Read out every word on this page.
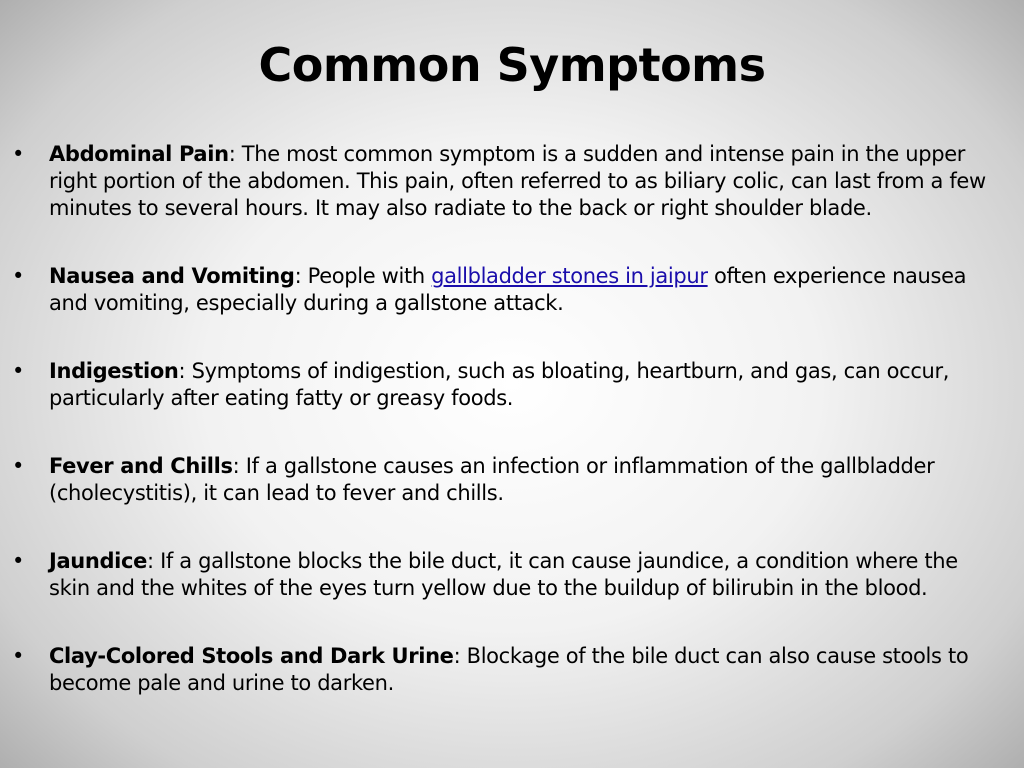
Common Symptoms
• Abdominal Pain: The most common symptom is a sudden and intense pain in the upper right portion of the abdomen. This pain, often referred to as biliary colic, can last from a few minutes to several hours. It may also radiate to the back or right shoulder blade.
• Nausea and Vomiting: People with gallbladder stones in jaipur often experience nausea and vomiting, especially during a gallstone attack.
• Indigestion: Symptoms of indigestion, such as bloating, heartburn, and gas, can occur, particularly after eating fatty or greasy foods.
• Fever and Chills: If a gallstone causes an infection or inflammation of the gallbladder (cholecystitis), it can lead to fever and chills.
• Jaundice: If a gallstone blocks the bile duct, it can cause jaundice, a condition where the skin and the whites of the eyes turn yellow due to the buildup of bilirubin in the blood.
• Clay-Colored Stools and Dark Urine: Blockage of the bile duct can also cause stools to become pale and urine to darken.
